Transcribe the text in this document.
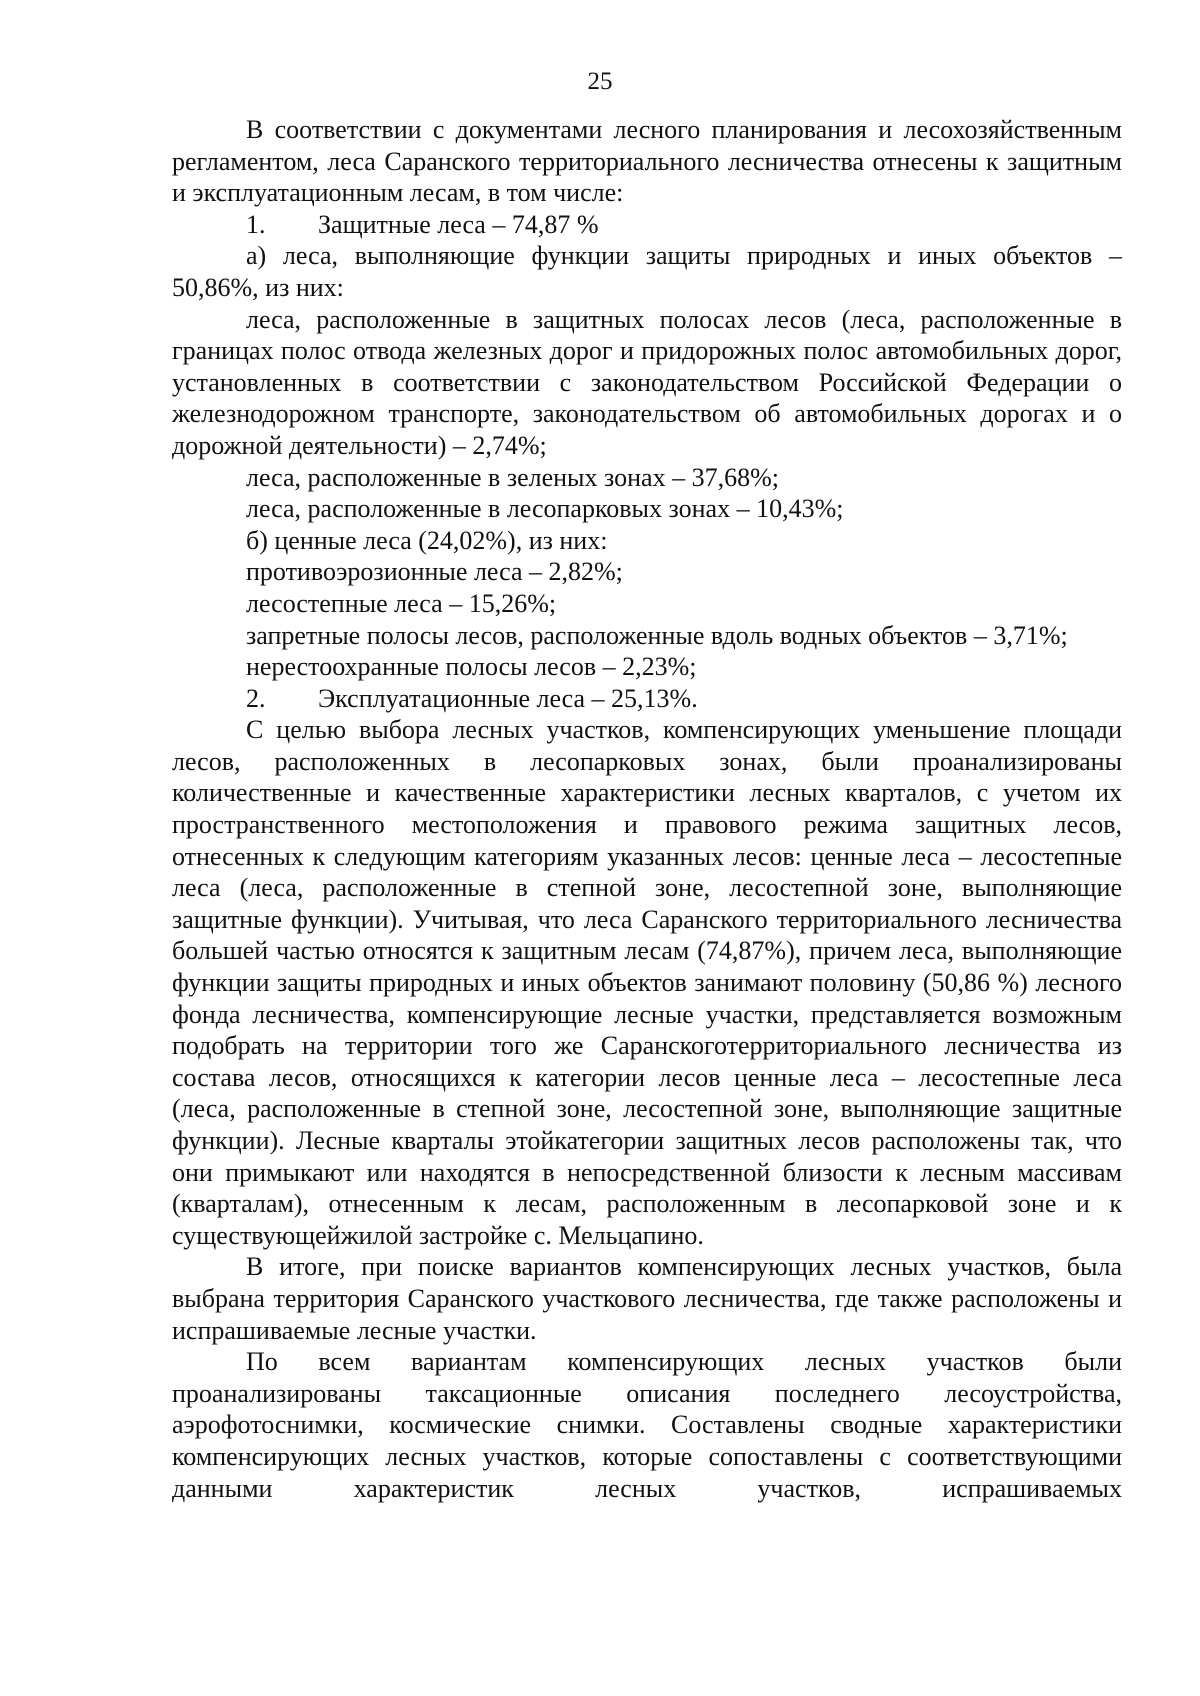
25

В соответствии с документами лесного планирования и лесохозяйственным регламентом, леса Саранского территориального лесничества отнесены к защитным и эксплуатационным лесам, в том числе:

1. Защитные леса – 74,87 %

а) леса, выполняющие функции защиты природных и иных объектов – 50,86%, из них:

леса, расположенные в защитных полосах лесов (леса, расположенные в границах полос отвода железных дорог и придорожных полос автомобильных дорог, установленных в соответствии с законодательством Российской Федерации о железнодорожном транспорте, законодательством об автомобильных дорогах и о дорожной деятельности) – 2,74%;

леса, расположенные в зеленых зонах – 37,68%;

леса, расположенные в лесопарковых зонах – 10,43%;

б) ценные леса (24,02%), из них:

противоэрозионные леса – 2,82%;

лесостепные леса – 15,26%;

запретные полосы лесов, расположенные вдоль водных объектов – 3,71%;

нерестоохранные полосы лесов – 2,23%;

2. Эксплуатационные леса – 25,13%.

С целью выбора лесных участков, компенсирующих уменьшение площади лесов, расположенных в лесопарковых зонах, были проанализированы количественные и качественные характеристики лесных кварталов, с учетом их пространственного местоположения и правового режима защитных лесов, отнесенных к следующим категориям указанных лесов: ценные леса – лесостепные леса (леса, расположенные в степной зоне, лесостепной зоне, выполняющие защитные функции). Учитывая, что леса Саранского территориального лесничества большей частью относятся к защитным лесам (74,87%), причем леса, выполняющие функции защиты природных и иных объектов занимают половину (50,86 %) лесного фонда лесничества, компенсирующие лесные участки, представляется возможным подобрать на территории того же Саранскоготерриториального лесничества из состава лесов, относящихся к категории лесов ценные леса – лесостепные леса (леса, расположенные в степной зоне, лесостепной зоне, выполняющие защитные функции). Лесные кварталы этойкатегории защитных лесов расположены так, что они примыкают или находятся в непосредственной близости к лесным массивам (кварталам), отнесенным к лесам, расположенным в лесопарковой зоне и к существующейжилой застройке с. Мельцапино.

В итоге, при поиске вариантов компенсирующих лесных участков, была выбрана территория Саранского участкового лесничества, где также расположены и испрашиваемые лесные участки.

По всем вариантам компенсирующих лесных участков были проанализированы таксационные описания последнего лесоустройства, аэрофотоснимки, космические снимки. Составлены сводные характеристики компенсирующих лесных участков, которые сопоставлены с соответствующими данными характеристик лесных участков, испрашиваемых
